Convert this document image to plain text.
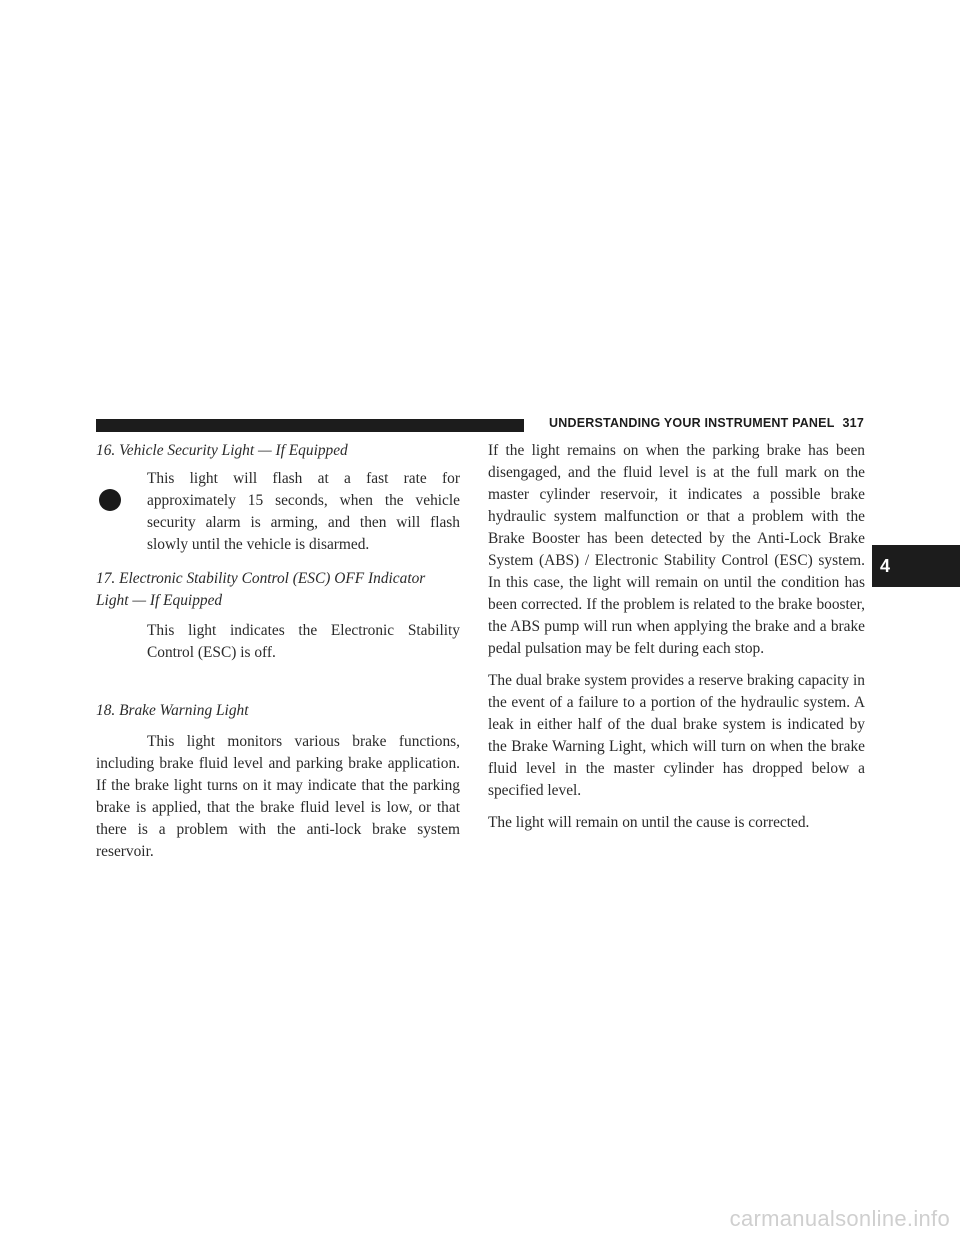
UNDERSTANDING YOUR INSTRUMENT PANEL 317
4

16. Vehicle Security Light — If Equipped

This light will flash at a fast rate for approximately 15 seconds, when the vehicle security alarm is arming, and then will flash slowly until the vehicle is disarmed.

17. Electronic Stability Control (ESC) OFF Indicator
Light — If Equipped

This light indicates the Electronic Stability Control (ESC) is off.

18. Brake Warning Light

This light monitors various brake functions, including brake fluid level and parking brake application. If the brake light turns on it may indicate that the parking brake is applied, that the brake fluid level is low, or that there is a problem with the anti-lock brake system reservoir.

If the light remains on when the parking brake has been disengaged, and the fluid level is at the full mark on the master cylinder reservoir, it indicates a possible brake hydraulic system malfunction or that a problem with the Brake Booster has been detected by the Anti-Lock Brake System (ABS) / Electronic Stability Control (ESC) system. In this case, the light will remain on until the condition has been corrected. If the problem is related to the brake booster, the ABS pump will run when applying the brake and a brake pedal pulsation may be felt during each stop.

The dual brake system provides a reserve braking capacity in the event of a failure to a portion of the hydraulic system. A leak in either half of the dual brake system is indicated by the Brake Warning Light, which will turn on when the brake fluid level in the master cylinder has dropped below a specified level.

The light will remain on until the cause is corrected.

carmanualsonline.info
